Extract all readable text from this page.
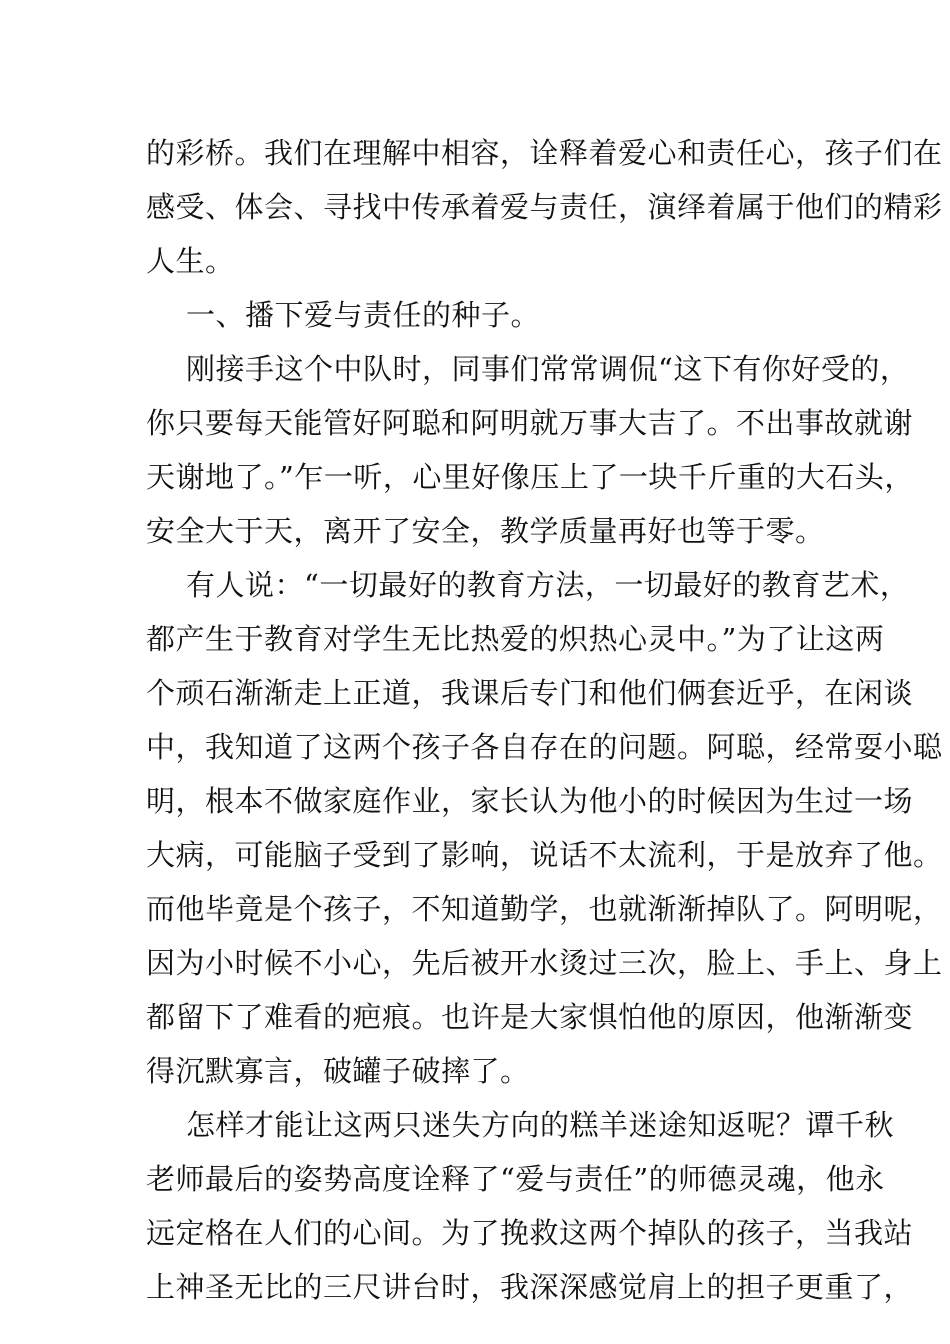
的彩桥。我们在理解中相容，诠释着爱心和责任心，孩子们在
感受、体会、寻找中传承着爱与责任，演绎着属于他们的精彩
人生。
一、播下爱与责任的种子。
刚接手这个中队时，同事们常常调侃“这下有你好受的，
你只要每天能管好阿聪和阿明就万事大吉了。不出事故就谢
天谢地了。”乍一听，心里好像压上了一块千斤重的大石头，
安全大于天，离开了安全，教学质量再好也等于零。
有人说：“一切最好的教育方法，一切最好的教育艺术，
都产生于教育对学生无比热爱的炽热心灵中。”为了让这两
个顽石渐渐走上正道，我课后专门和他们俩套近乎，在闲谈
中，我知道了这两个孩子各自存在的问题。阿聪，经常耍小聪
明，根本不做家庭作业，家长认为他小的时候因为生过一场
大病，可能脑子受到了影响，说话不太流利，于是放弃了他。
而他毕竟是个孩子，不知道勤学，也就渐渐掉队了。阿明呢，
因为小时候不小心，先后被开水烫过三次，脸上、手上、身上
都留下了难看的疤痕。也许是大家惧怕他的原因，他渐渐变
得沉默寡言，破罐子破摔了。
怎样才能让这两只迷失方向的糕羊迷途知返呢？谭千秋
老师最后的姿势高度诠释了“爱与责任”的师德灵魂，他永
远定格在人们的心间。为了挽救这两个掉队的孩子，当我站
上神圣无比的三尺讲台时，我深深感觉肩上的担子更重了，
